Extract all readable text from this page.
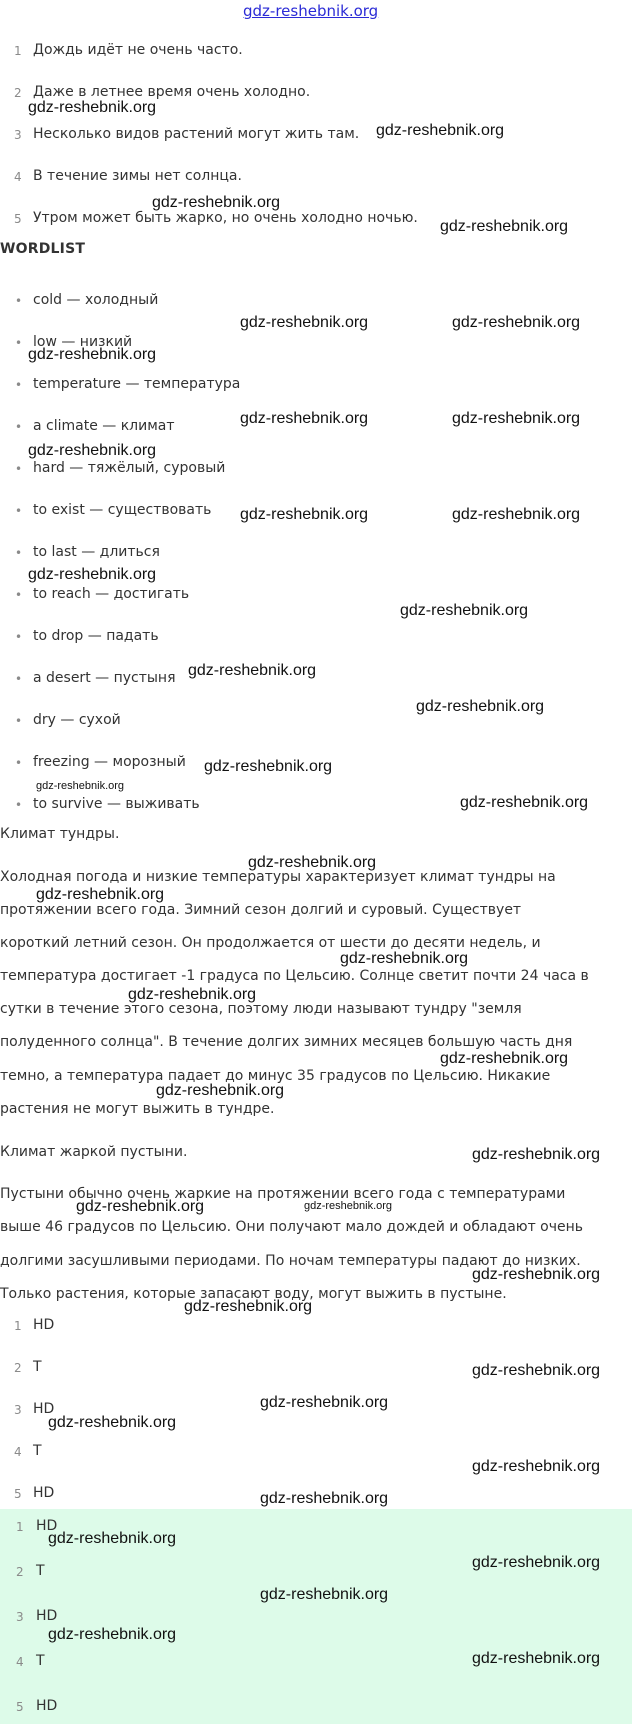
gdz-reshebnik.org
1 Дождь идёт не очень часто.
2 Даже в летнее время очень холодно.
3 Несколько видов растений могут жить там.
4 В течение зимы нет солнца.
5 Утром может быть жарко, но очень холодно ночью.
WORDLIST
• cold — холодный
• low — низкий
• temperature — температура
• a climate — климат
• hard — тяжёлый, суровый
• to exist — существовать
• to last — длиться
• to reach — достигать
• to drop — падать
• a desert — пустыня
• dry — сухой
• freezing — морозный
• to survive — выживать
Климат тундры.
Холодная погода и низкие температуры характеризует климат тундры на
протяжении всего года. Зимний сезон долгий и суровый. Существует
короткий летний сезон. Он продолжается от шести до десяти недель, и
температура достигает -1 градуса по Цельсию. Солнце светит почти 24 часа в
сутки в течение этого сезона, поэтому люди называют тундру "земля
полуденного солнца". В течение долгих зимних месяцев большую часть дня
темно, а температура падает до минус 35 градусов по Цельсию. Никакие
растения не могут выжить в тундре.
Климат жаркой пустыни.
Пустыни обычно очень жаркие на протяжении всего года с температурами
выше 46 градусов по Цельсию. Они получают мало дождей и обладают очень
долгими засушливыми периодами. По ночам температуры падают до низких.
Только растения, которые запасают воду, могут выжить в пустыне.
1 HD
2 T
3 HD
4 T
5 HD
1 HD
2 T
3 HD
4 T
5 HD
gdz-reshebnik.org
gdz-reshebnik.org
gdz-reshebnik.org
gdz-reshebnik.org
gdz-reshebnik.org	gdz-reshebnik.org
gdz-reshebnik.org
gdz-reshebnik.org	gdz-reshebnik.org
gdz-reshebnik.org
gdz-reshebnik.org	gdz-reshebnik.org
gdz-reshebnik.org
gdz-reshebnik.org
gdz-reshebnik.org
gdz-reshebnik.org
gdz-reshebnik.org
gdz-reshebnik.org
gdz-reshebnik.org
gdz-reshebnik.org
gdz-reshebnik.org
gdz-reshebnik.org
gdz-reshebnik.org
gdz-reshebnik.org
gdz-reshebnik.org
gdz-reshebnik.org
gdz-reshebnik.org	gdz-reshebnik.org
gdz-reshebnik.org
gdz-reshebnik.org
gdz-reshebnik.org
gdz-reshebnik.org
gdz-reshebnik.org
gdz-reshebnik.org
gdz-reshebnik.org
gdz-reshebnik.org
gdz-reshebnik.org
gdz-reshebnik.org
gdz-reshebnik.org
gdz-reshebnik.org
